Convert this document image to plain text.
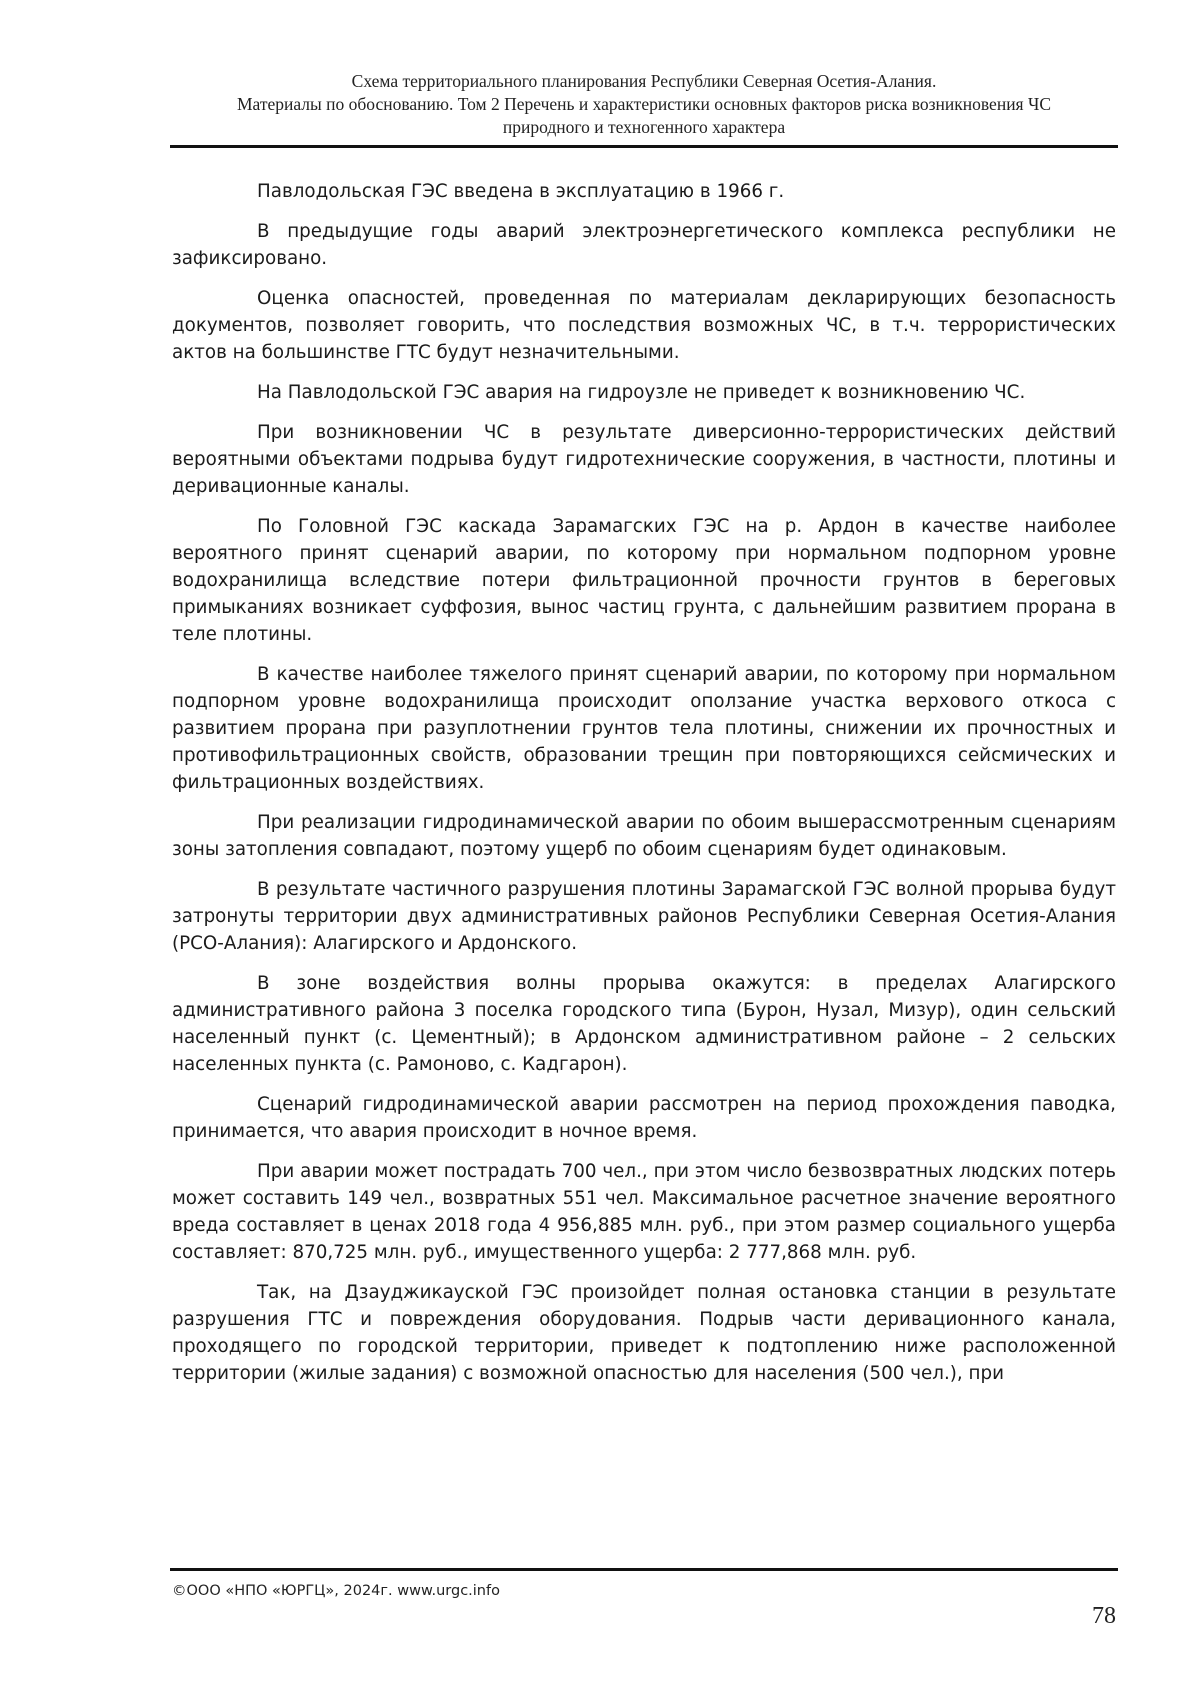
Схема территориального планирования Республики Северная Осетия-Алания.
Материалы по обоснованию. Том 2 Перечень и характеристики основных факторов риска возникновения ЧС
природного и техногенного характера

Павлодольская ГЭС введена в эксплуатацию в 1966 г.

В предыдущие годы аварий электроэнергетического комплекса республики не зафиксировано.

Оценка опасностей, проведенная по материалам декларирующих безопасность документов, позволяет говорить, что последствия возможных ЧС, в т.ч. террористических актов на большинстве ГТС будут незначительными.

На Павлодольской ГЭС авария на гидроузле не приведет к возникновению ЧС.

При возникновении ЧС в результате диверсионно-террористических действий вероятными объектами подрыва будут гидротехнические сооружения, в частности, плотины и деривационные каналы.

По Головной ГЭС каскада Зарамагских ГЭС на р. Ардон в качестве наиболее вероятного принят сценарий аварии, по которому при нормальном подпорном уровне водохранилища вследствие потери фильтрационной прочности грунтов в береговых примыканиях возникает суффозия, вынос частиц грунта, с дальнейшим развитием прорана в теле плотины.

В качестве наиболее тяжелого принят сценарий аварии, по которому при нормальном подпорном уровне водохранилища происходит оползание участка верхового откоса с развитием прорана при разуплотнении грунтов тела плотины, снижении их прочностных и противофильтрационных свойств, образовании трещин при повторяющихся сейсмических и фильтрационных воздействиях.

При реализации гидродинамической аварии по обоим вышерассмотренным сценариям зоны затопления совпадают, поэтому ущерб по обоим сценариям будет одинаковым.

В результате частичного разрушения плотины Зарамагской ГЭС волной прорыва будут затронуты территории двух административных районов Республики Северная Осетия-Алания (РСО-Алания): Алагирского и Ардонского.

В зоне воздействия волны прорыва окажутся: в пределах Алагирского административного района 3 поселка городского типа (Бурон, Нузал, Мизур), один сельский населенный пункт (с. Цементный); в Ардонском административном районе – 2 сельских населенных пункта (с. Рамоново, с. Кадгарон).

Сценарий гидродинамической аварии рассмотрен на период прохождения паводка, принимается, что авария происходит в ночное время.

При аварии может пострадать 700 чел., при этом число безвозвратных людских потерь может составить 149 чел., возвратных 551 чел. Максимальное расчетное значение вероятного вреда составляет в ценах 2018 года 4 956,885 млн. руб., при этом размер социального ущерба составляет: 870,725 млн. руб., имущественного ущерба: 2 777,868 млн. руб.

Так, на Дзауджикауской ГЭС произойдет полная остановка станции в результате разрушения ГТС и повреждения оборудования. Подрыв части деривационного канала, проходящего по городской территории, приведет к подтоплению ниже расположенной территории (жилые задания) с возможной опасностью для населения (500 чел.), при

©ООО «НПО «ЮРГЦ», 2024г. www.urgc.info
78
